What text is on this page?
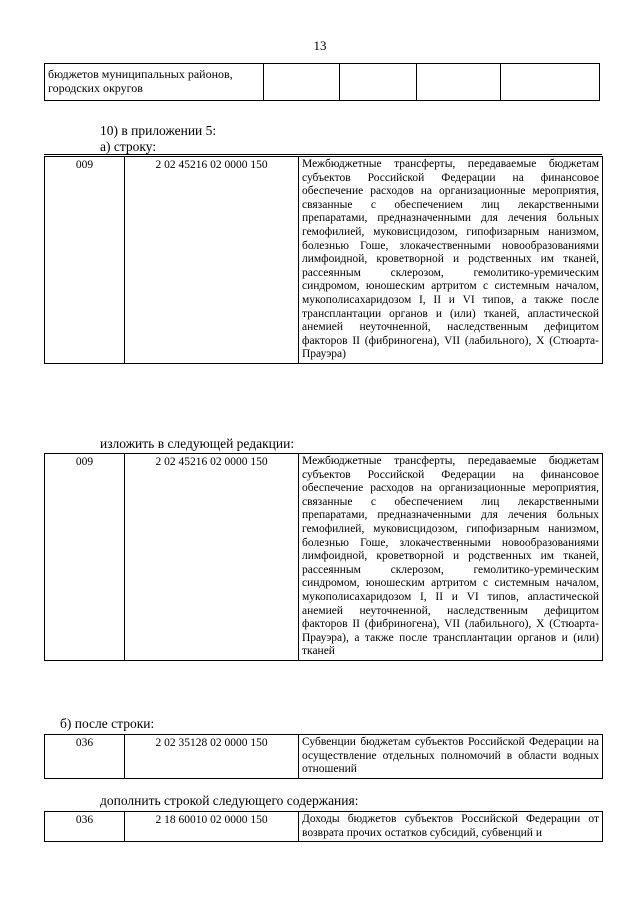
13
бюджетов муниципальных районов, городских округов				
10) в приложении 5:
а) строку:
009	2 02 45216 02 0000 150	Межбюджетные трансферты, передаваемые бюджетам субъектов Российской Федерации на финансовое обеспечение расходов на организационные мероприятия, связанные с обеспечением лиц лекарственными препаратами, предназначенными для лечения больных гемофилией, муковисцидозом, гипофизарным нанизмом, болезнью Гоше, злокачественными новообразованиями лимфоидной, кроветворной и родственных им тканей, рассеянным склерозом, гемолитико-уремическим синдромом, юношеским артритом с системным началом, мукополисахаридозом I, II и VI типов, а также после трансплантации органов и (или) тканей, апластической анемией неуточненной, наследственным дефицитом факторов II (фибриногена), VII (лабильного), X (Стюарта-Прауэра)
изложить в следующей редакции:
009	2 02 45216 02 0000 150	Межбюджетные трансферты, передаваемые бюджетам субъектов Российской Федерации на финансовое обеспечение расходов на организационные мероприятия, связанные с обеспечением лиц лекарственными препаратами, предназначенными для лечения больных гемофилией, муковисцидозом, гипофизарным нанизмом, болезнью Гоше, злокачественными новообразованиями лимфоидной, кроветворной и родственных им тканей, рассеянным склерозом, гемолитико-уремическим синдромом, юношеским артритом с системным началом, мукополисахаридозом I, II и VI типов, апластической анемией неуточненной, наследственным дефицитом факторов II (фибриногена), VII (лабильного), X (Стюарта-Прауэра), а также после трансплантации органов и (или) тканей
б) после строки:
036	2 02 35128 02 0000 150	Субвенции бюджетам субъектов Российской Федерации на осуществление отдельных полномочий в области водных отношений
дополнить строкой следующего содержания:
036	2 18 60010 02 0000 150	Доходы бюджетов субъектов Российской Федерации от возврата прочих остатков субсидий, субвенций и
